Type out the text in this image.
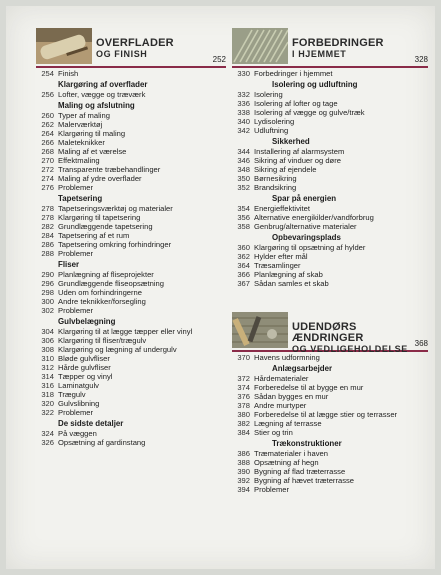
OVERFLADER
OG FINISH
252
254 Finish
Klargøring af overflader
256 Lofter, vægge og træværk
Maling og afslutning
260 Typer af maling
262 Malerværktøj
264 Klargøring til maling
266 Maleteknikker
268 Maling af et værelse
270 Effektmaling
272 Transparente træbehandlinger
274 Maling af ydre overflader
276 Problemer
Tapetsering
278 Tapetseringsværktøj og materialer
278 Klargøring til tapetsering
282 Grundlæggende tapetsering
284 Tapetsering af et rum
286 Tapetsering omkring forhindringer
288 Problemer
Fliser
290 Planlægning af fliseprojekter
296 Grundlæggende fliseopsætning
298 Uden om forhindringerne
300 Andre teknikker/forsegling
302 Problemer
Gulvbelægning
304 Klargøring til at lægge tæpper eller vinyl
306 Klargøring til fliser/trægulv
308 Klargøring og lægning af undergulv
310 Bløde gulvfliser
312 Hårde gulvfliser
314 Tæpper og vinyl
316 Laminatgulv
318 Trægulv
320 Gulvslibning
322 Problemer
De sidste detaljer
324 På væggen
326 Opsætning af gardinstang
FORBEDRINGER
I HJEMMET
328
330 Forbedringer i hjemmet
Isolering og udluftning
332 Isolering
336 Isolering af lofter og tage
338 Isolering af vægge og gulve/træk
340 Lydisolering
342 Udluftning
Sikkerhed
344 Installering af alarmsystem
346 Sikring af vinduer og døre
348 Sikring af ejendele
350 Børnesikring
352 Brandsikring
Spar på energien
354 Energieffektivitet
356 Alternative energikilder/vandforbrug
358 Genbrug/alternative materialer
Opbevaringsplads
360 Klargøring til opsætning af hylder
362 Hylder efter mål
364 Træsamlinger
366 Planlægning af skab
367 Sådan samles et skab
UDENDØRS ÆNDRINGER
OG VEDLIGEHOLDELSE
368
370 Havens udformning
Anlægsarbejder
372 Hårdematerialer
374 Forberedelse til at bygge en mur
376 Sådan bygges en mur
378 Andre murtyper
380 Forberedelse til at lægge stier og terrasser
382 Lægning af terrasse
384 Stier og trin
Trækonstruktioner
386 Træmaterialer i haven
388 Opsætning af hegn
390 Bygning af flad træterrasse
392 Bygning af hævet træterrasse
394 Problemer
